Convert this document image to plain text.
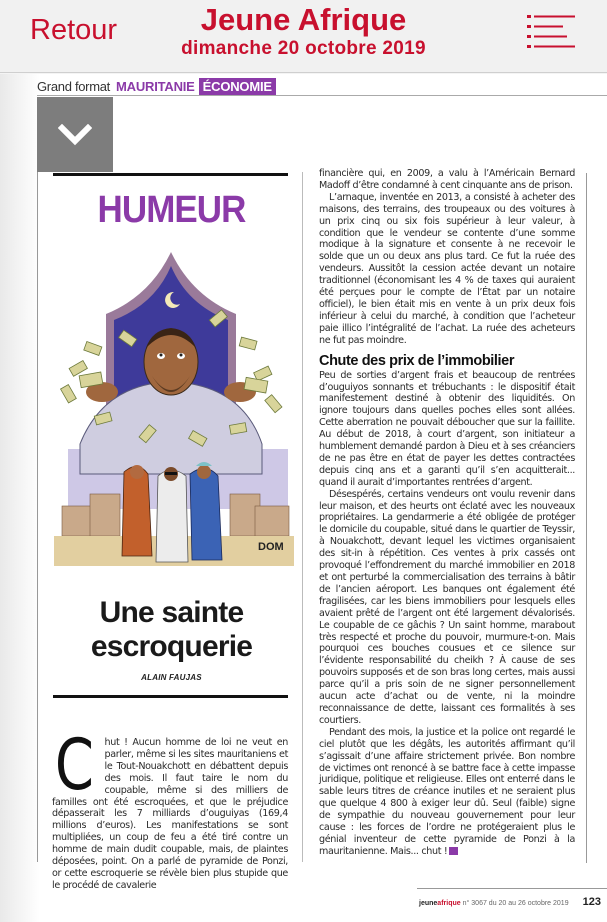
Jeune Afrique
dimanche 20 octobre 2019
Retour
Grand format MAURITANIE ÉCONOMIE
HUMEUR
DOM
Une sainte
escroquerie
ALAIN FAUJAS

C hut ! Aucun homme de loi ne veut en parler, même si les sites mauritaniens et le Tout-Nouakchott en débattent depuis des mois. Il faut taire le nom du coupable, même si des milliers de familles ont été escroquées, et que le préjudice dépasserait les 7 milliards d’ouguiyas (169,4 millions d’euros). Les manifestations se sont multipliées, un coup de feu a été tiré contre un homme de main dudit coupable, mais, de plaintes déposées, point. On a parlé de pyramide de Ponzi, or cette escroquerie se révèle bien plus stupide que le procédé de cavalerie

financière qui, en 2009, a valu à l’Américain Bernard Madoff d’être condamné à cent cinquante ans de prison.

L’arnaque, inventée en 2013, a consisté à acheter des maisons, des terrains, des troupeaux ou des voitures à un prix cinq ou six fois supérieur à leur valeur, à condition que le vendeur se contente d’une somme modique à la signature et consente à ne recevoir le solde que un ou deux ans plus tard. Ce fut la ruée des vendeurs. Aussitôt la cession actée devant un notaire traditionnel (économisant les 4 % de taxes qui auraient été perçues pour le compte de l’État par un notaire officiel), le bien était mis en vente à un prix deux fois inférieur à celui du marché, à condition que l’acheteur paie illico l’intégralité de l’achat. La ruée des acheteurs ne fut pas moindre.

Chute des prix de l’immobilier

Peu de sorties d’argent frais et beaucoup de rentrées d’ouguiyos sonnants et trébuchants : le dispositif était manifestement destiné à obtenir des liquidités. On ignore toujours dans quelles poches elles sont allées. Cette aberration ne pouvait déboucher que sur la faillite. Au début de 2018, à court d’argent, son initiateur a humblement demandé pardon à Dieu et à ses créanciers de ne pas être en état de payer les dettes contractées depuis cinq ans et a garanti qu’il s’en acquitterait... quand il aurait d’importantes rentrées d’argent.

Désespérés, certains vendeurs ont voulu revenir dans leur maison, et des heurts ont éclaté avec les nouveaux propriétaires. La gendarmerie a été obligée de protéger le domicile du coupable, situé dans le quartier de Teyssir, à Nouakchott, devant lequel les victimes organisaient des sit-in à répétition. Ces ventes à prix cassés ont provoqué l’effondrement du marché immobilier en 2018 et ont perturbé la commercialisation des terrains à bâtir de l’ancien aéroport. Les banques ont également été fragilisées, car les biens immobiliers pour lesquels elles avaient prêté de l’argent ont été largement dévalorisés. Le coupable de ce gâchis ? Un saint homme, marabout très respecté et proche du pouvoir, murmure-t-on. Mais pourquoi ces bouches cousues et ce silence sur l’évidente responsabilité du cheikh ? À cause de ses pouvoirs supposés et de son bras long certes, mais aussi parce qu’il a pris soin de ne signer personnellement aucun acte d’achat ou de vente, ni la moindre reconnaissance de dette, laissant ces formalités à ses courtiers.

Pendant des mois, la justice et la police ont regardé le ciel plutôt que les dégâts, les autorités affirmant qu’il s’agissait d’une affaire strictement privée. Bon nombre de victimes ont renoncé à se battre face à cette impasse juridique, politique et religieuse. Elles ont enterré dans le sable leurs titres de créance inutiles et ne seraient plus que quelque 4 800 à exiger leur dû. Seul (faible) signe de sympathie du nouveau gouvernement pour leur cause : les forces de l’ordre ne protégeraient plus le génial inventeur de cette pyramide de Ponzi à la mauritanienne. Mais... chut ! JA

jeune afrique n° 3067 du 20 au 26 octobre 2019 123
